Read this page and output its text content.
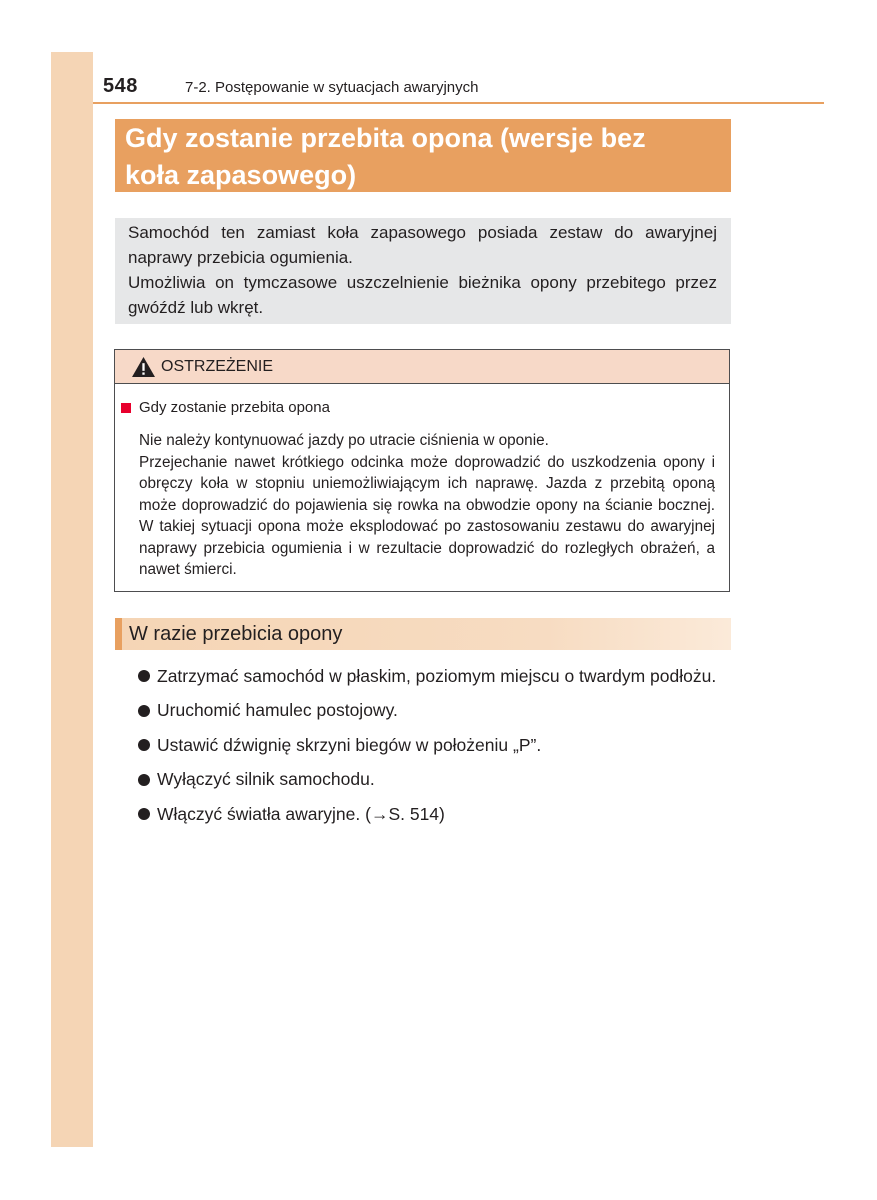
548	7-2. Postępowanie w sytuacjach awaryjnych
Gdy zostanie przebita opona (wersje bez
koła zapasowego)

Samochód ten zamiast koła zapasowego posiada zestaw do awaryjnej naprawy przebicia ogumienia.

Umożliwia on tymczasowe uszczelnienie bieżnika opony przebitego przez gwóźdź lub wkręt.

OSTRZEŻENIE
Gdy zostanie przebita opona

Nie należy kontynuować jazdy po utracie ciśnienia w oponie.

Przejechanie nawet krótkiego odcinka może doprowadzić do uszkodzenia opony i obręczy koła w stopniu uniemożliwiającym ich naprawę. Jazda z przebitą oponą może doprowadzić do pojawienia się rowka na obwodzie opony na ścianie bocznej. W takiej sytuacji opona może eksplodować po zastosowaniu zestawu do awaryjnej naprawy przebicia ogumienia i w rezultacie doprowadzić do rozległych obrażeń, a nawet śmierci.

W razie przebicia opony
Zatrzymać samochód w płaskim, poziomym miejscu o twardym podłożu.
Uruchomić hamulec postojowy.
Ustawić dźwignię skrzyni biegów w położeniu „P”.
Wyłączyć silnik samochodu.
Włączyć światła awaryjne. (→S. 514)
